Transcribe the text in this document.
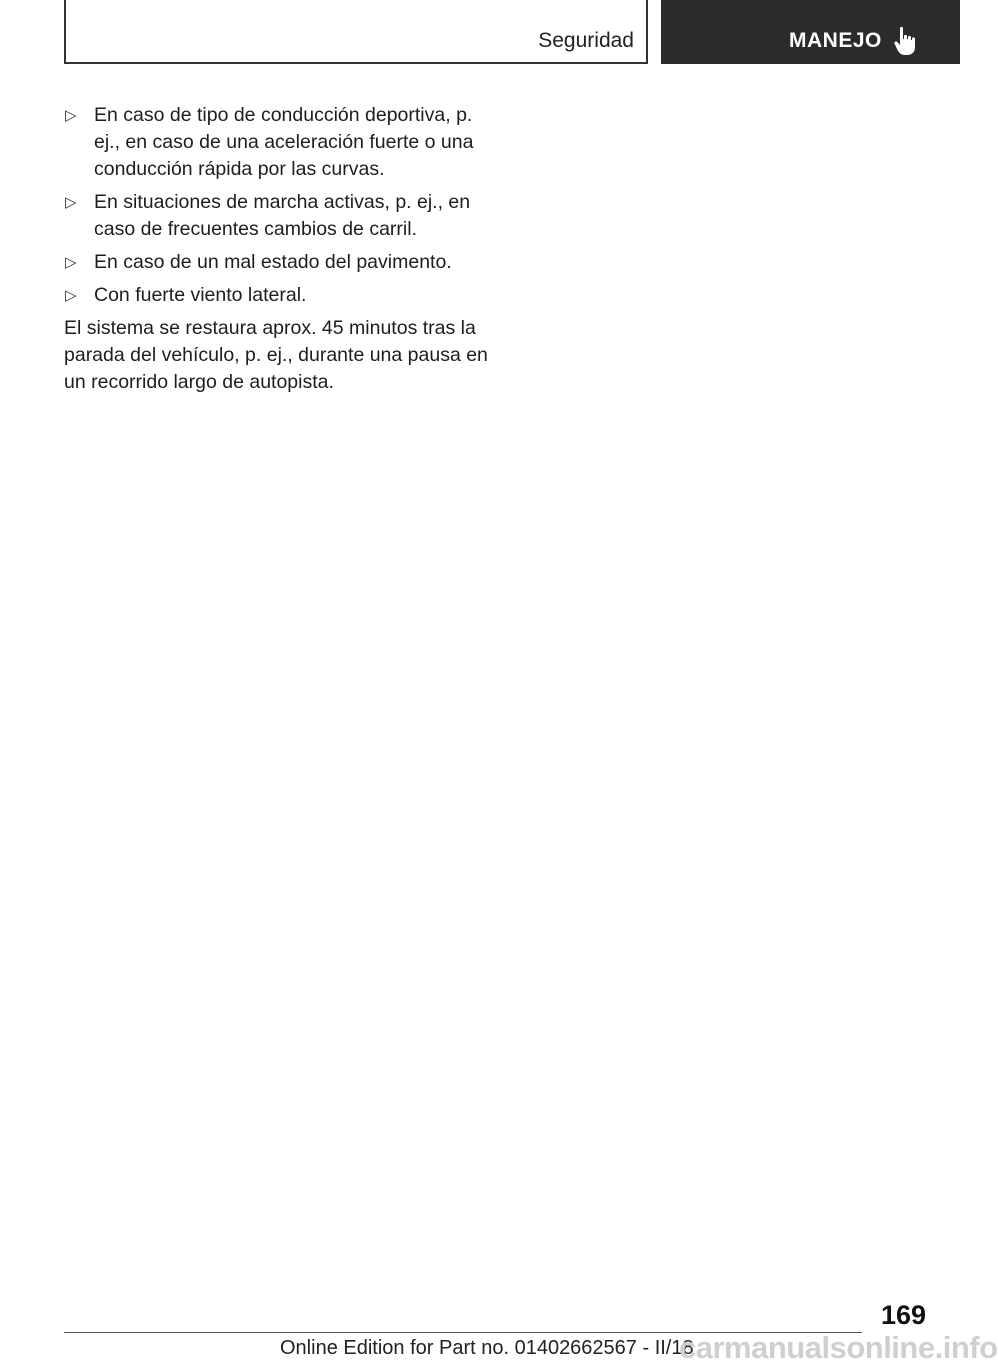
Seguridad	MANEJO
▷ En caso de tipo de conducción deportiva, p. ej., en caso de una aceleración fuerte o una conducción rápida por las curvas.
▷ En situaciones de marcha activas, p. ej., en caso de frecuentes cambios de carril.
▷ En caso de un mal estado del pavimento.
▷ Con fuerte viento lateral.

El sistema se restaura aprox. 45 minutos tras la parada del vehículo, p. ej., durante una pausa en un recorrido largo de autopista.

169
Online Edition for Part no. 01402662567 - II/18
carmanualsonline.info
